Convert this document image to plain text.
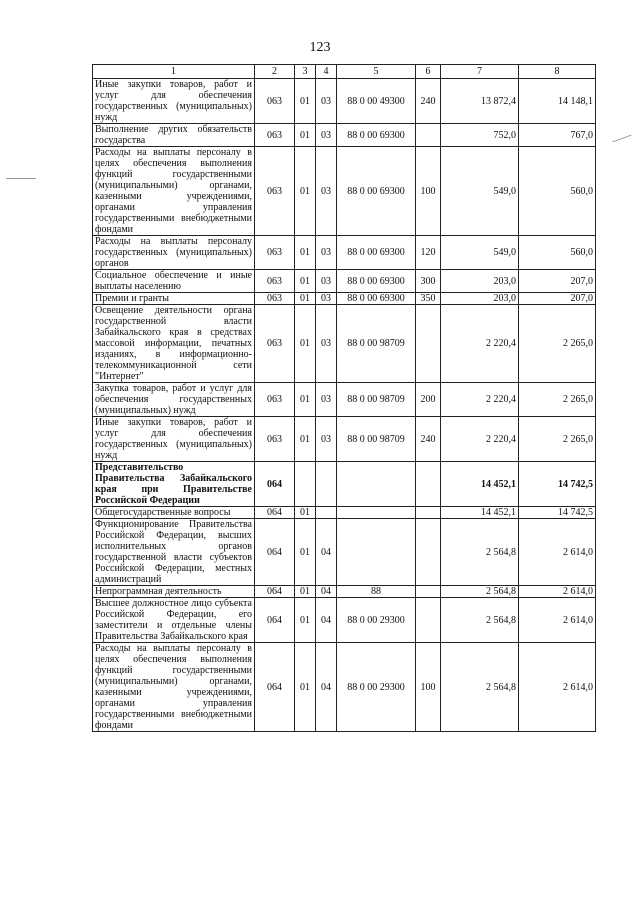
123
1	2	3	4	5	6	7	8
Иные закупки товаров, работ и услуг для обеспечения государственных (муниципальных) нужд	063	01	03	88 0 00 49300	240	13 872,4	14 148,1
Выполнение других обязательств государства	063	01	03	88 0 00 69300		752,0	767,0
Расходы на выплаты персоналу в целях обеспечения выполнения функций государственными (муниципальными) органами, казенными учреждениями, органами управления государственными внебюджетными фондами	063	01	03	88 0 00 69300	100	549,0	560,0
Расходы на выплаты персоналу государственных (муниципальных) органов	063	01	03	88 0 00 69300	120	549,0	560,0
Социальное обеспечение и иные выплаты населению	063	01	03	88 0 00 69300	300	203,0	207,0
Премии и гранты	063	01	03	88 0 00 69300	350	203,0	207,0
Освещение деятельности органа государственной власти Забайкальского края в средствах массовой информации, печатных изданиях, в информационно-телекоммуникационной сети "Интернет"	063	01	03	88 0 00 98709		2 220,4	2 265,0
Закупка товаров, работ и услуг для обеспечения государственных (муниципальных) нужд	063	01	03	88 0 00 98709	200	2 220,4	2 265,0
Иные закупки товаров, работ и услуг для обеспечения государственных (муниципальных) нужд	063	01	03	88 0 00 98709	240	2 220,4	2 265,0
Представительство Правительства Забайкальского края при Правительстве Российской Федерации	064					14 452,1	14 742,5
Общегосударственные вопросы	064	01				14 452,1	14 742,5
Функционирование Правительства Российской Федерации, высших исполнительных органов государственной власти субъектов Российской Федерации, местных администраций	064	01	04			2 564,8	2 614,0
Непрограммная деятельность	064	01	04	88		2 564,8	2 614,0
Высшее должностное лицо субъекта Российской Федерации, его заместители и отдельные члены Правительства Забайкальского края	064	01	04	88 0 00 29300		2 564,8	2 614,0
Расходы на выплаты персоналу в целях обеспечения выполнения функций государственными (муниципальными) органами, казенными учреждениями, органами управления государственными внебюджетными фондами	064	01	04	88 0 00 29300	100	2 564,8	2 614,0
